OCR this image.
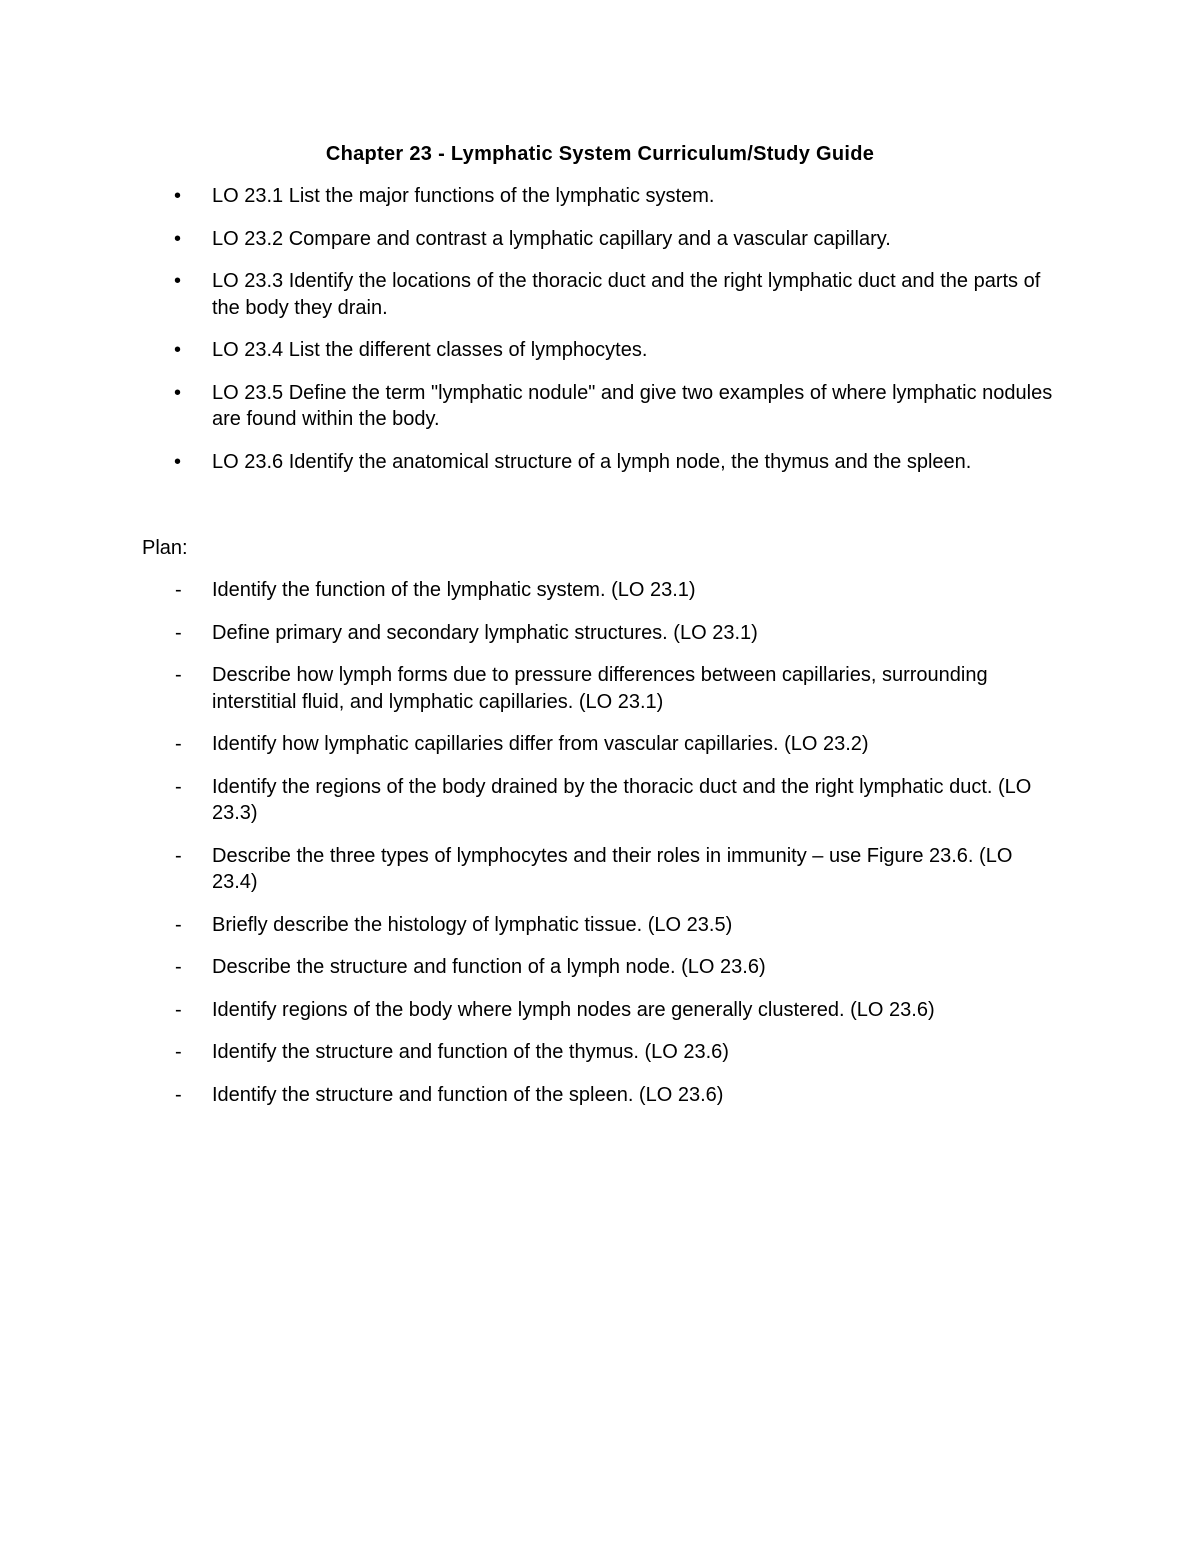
Chapter 23 - Lymphatic System Curriculum/Study Guide
• LO 23.1 List the major functions of the lymphatic system.
• LO 23.2 Compare and contrast a lymphatic capillary and a vascular capillary.
• LO 23.3 Identify the locations of the thoracic duct and the right lymphatic duct and the parts of the body they drain.
• LO 23.4 List the different classes of lymphocytes.
• LO 23.5 Define the term "lymphatic nodule" and give two examples of where lymphatic nodules are found within the body.
• LO 23.6 Identify the anatomical structure of a lymph node, the thymus and the spleen.
Plan:
- Identify the function of the lymphatic system. (LO 23.1)
- Define primary and secondary lymphatic structures. (LO 23.1)
- Describe how lymph forms due to pressure differences between capillaries, surrounding interstitial fluid, and lymphatic capillaries. (LO 23.1)
- Identify how lymphatic capillaries differ from vascular capillaries. (LO 23.2)
- Identify the regions of the body drained by the thoracic duct and the right lymphatic duct. (LO 23.3)
- Describe the three types of lymphocytes and their roles in immunity – use Figure 23.6. (LO 23.4)
- Briefly describe the histology of lymphatic tissue. (LO 23.5)
- Describe the structure and function of a lymph node. (LO 23.6)
- Identify regions of the body where lymph nodes are generally clustered. (LO 23.6)
- Identify the structure and function of the thymus. (LO 23.6)
- Identify the structure and function of the spleen. (LO 23.6)
